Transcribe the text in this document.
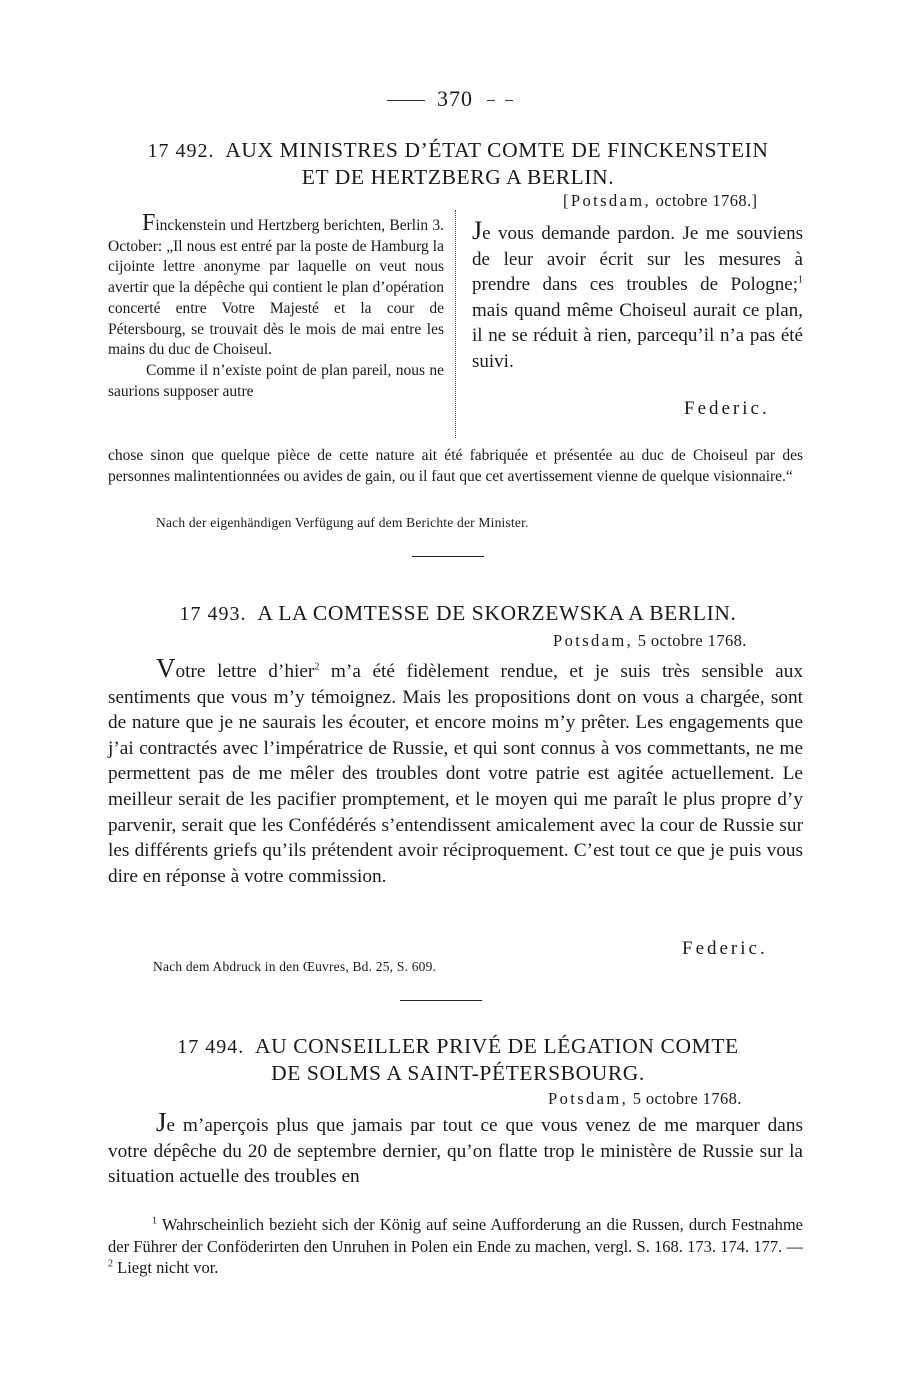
370
17 492. AUX MINISTRES D’ÉTAT COMTE DE FINCKENSTEIN
ET DE HERTZBERG A BERLIN.
[Potsdam, octobre 1768.]

Finckenstein und Hertzberg berichten, Berlin 3. October: „Il nous est entré par la poste de Hamburg la cijointe lettre anonyme par laquelle on veut nous avertir que la dépêche qui contient le plan d’opération concerté entre Votre Majesté et la cour de Pétersbourg, se trouvait dès le mois de mai entre les mains du duc de Choiseul.

Comme il n’existe point de plan pareil, nous ne saurions supposer autre

Je vous demande pardon. Je me souviens de leur avoir écrit sur les mesures à prendre dans ces troubles de Pologne;$^1$ mais quand même Choiseul aurait ce plan, il ne se réduit à rien, parcequ’il n’a pas été suivi.
Federic.
chose sinon que quelque pièce de cette nature ait été fabriquée et présentée au duc de Choiseul par des personnes malintentionnées ou avides de gain, ou il faut que cet avertissement vienne de quelque visionnaire.“
Nach der eigenhändigen Verfügung auf dem Berichte der Minister.
17 493. A LA COMTESSE DE SKORZEWSKA A BERLIN.
Potsdam, 5 octobre 1768.

Votre lettre d’hier$^2$ m’a été fidèlement rendue, et je suis très sensible aux sentiments que vous m’y témoignez. Mais les propositions dont on vous a chargée, sont de nature que je ne saurais les écouter, et encore moins m’y prêter. Les engagements que j’ai contractés avec l’impératrice de Russie, et qui sont connus à vos commettants, ne me permettent pas de me mêler des troubles dont votre patrie est agitée actuellement. Le meilleur serait de les pacifier promptement, et le moyen qui me paraît le plus propre d’y parvenir, serait que les Confédérés s’entendissent amicalement avec la cour de Russie sur les différents griefs qu’ils prétendent avoir réciproquement. C’est tout ce que je puis vous dire en réponse à votre commission.

Federic.
Nach dem Abdruck in den Œuvres, Bd. 25, S. 609.
17 494. AU CONSEILLER PRIVÉ DE LÉGATION COMTE
DE SOLMS A SAINT-PÉTERSBOURG.
Potsdam, 5 octobre 1768.

Je m’aperçois plus que jamais par tout ce que vous venez de me marquer dans votre dépêche du 20 de septembre dernier, qu’on flatte trop le ministère de Russie sur la situation actuelle des troubles en

$^1$ Wahrscheinlich bezieht sich der König auf seine Aufforderung an die Russen, durch Festnahme der Führer der Conföderirten den Unruhen in Polen ein Ende zu machen, vergl. S. 168. 173. 174. 177. — $^2$ Liegt nicht vor.
